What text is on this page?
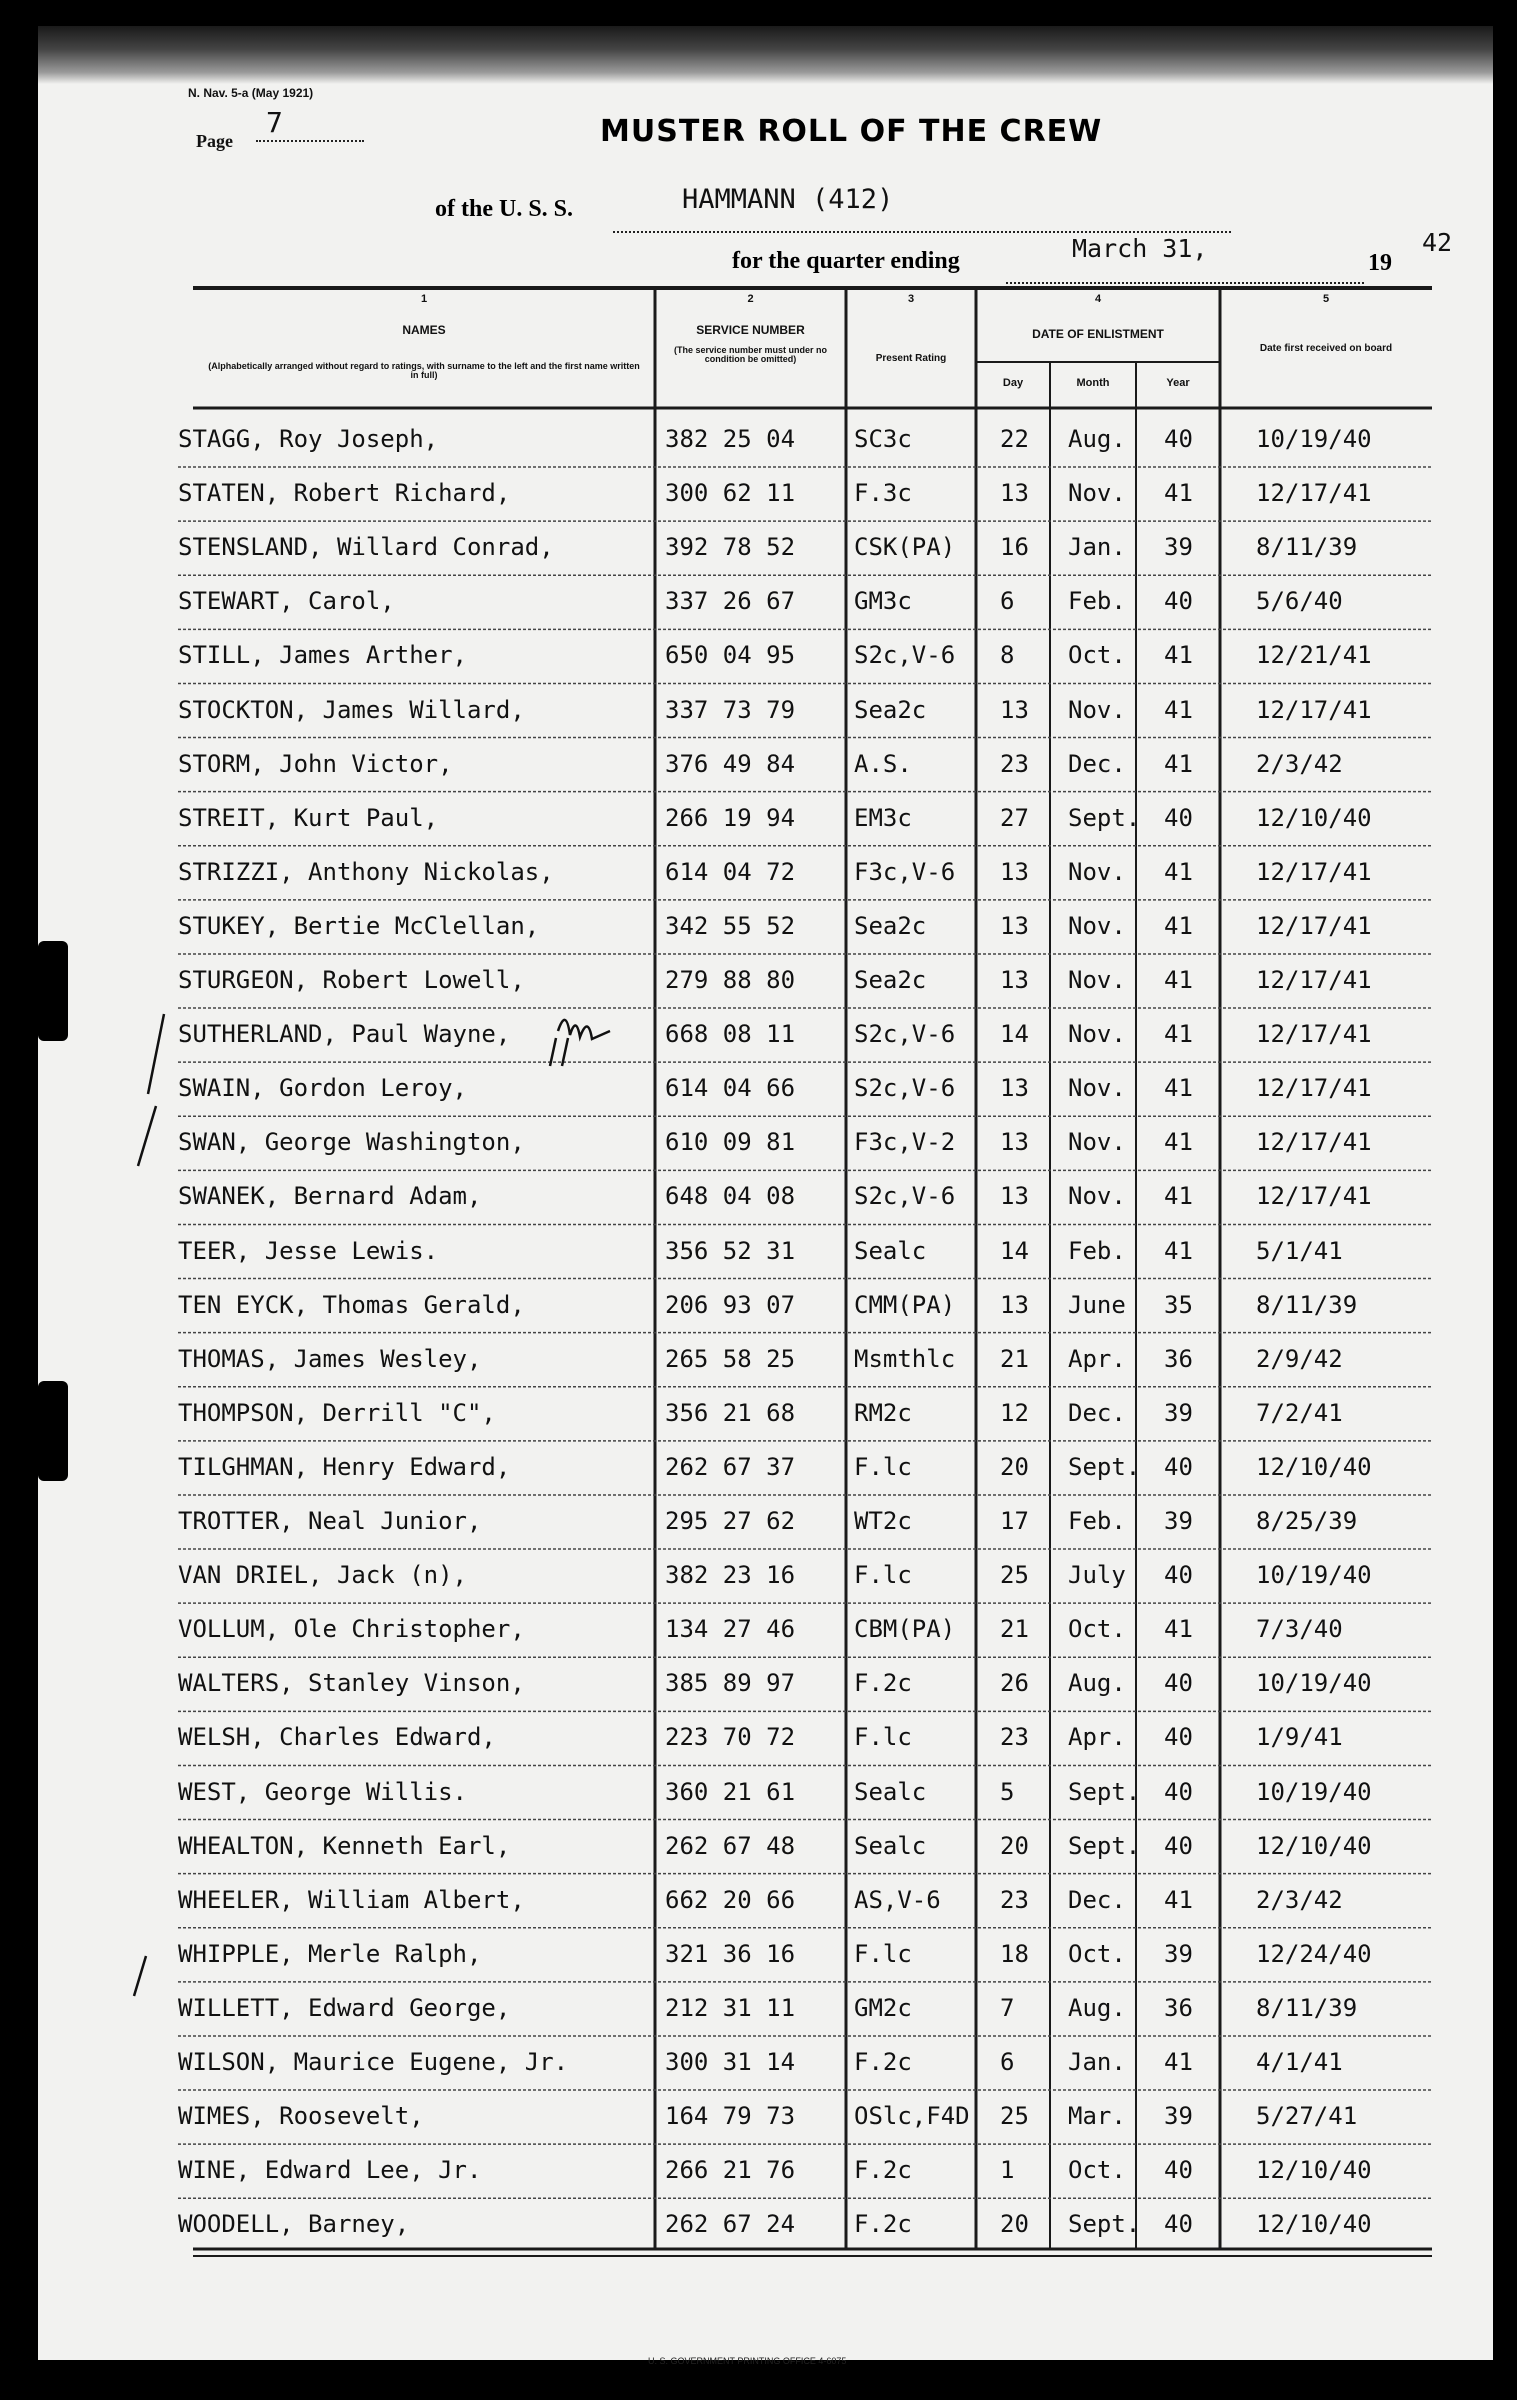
N. Nav. 5-a (May 1921)
Page
7	MUSTER ROLL OF THE CREW
of the U. S. S.	HAMMANN (412)
for the quarter ending	March 31,	19
42
1
NAMES
(Alphabetically arranged without regard to ratings, with surname to the left and the first name written in full)
2
SERVICE NUMBER
(The service number must under no condition be omitted)
3
Present Rating
4
DATE OF ENLISTMENT
Day	Month	Year
5
Date first received on board
STAGG, Roy Joseph,	382 25 04 SC3c	22 Aug. 40	10/19/40
STATEN, Robert Richard,	300 62 11 F.3c	13 Nov. 41	12/17/41
STENSLAND, Willard Conrad,	392 78 52 CSK(PA) 16 Jan. 39	8/11/39
STEWART, Carol,	337 26 67 GM3c	6 Feb. 40	5/6/40
STILL, James Arther,	650 04 95 S2c,V-6 8 Oct. 41	12/21/41
STOCKTON, James Willard,	337 73 79 Sea2c	13 Nov. 41	12/17/41
STORM, John Victor,	376 49 84 A.S.	23 Dec. 41	2/3/42
STREIT, Kurt Paul,	266 19 94 EM3c	27 Sept. 40	12/10/40
STRIZZI, Anthony Nickolas,	614 04 72 F3c,V-6 13 Nov. 41	12/17/41
STUKEY, Bertie McClellan,	342 55 52 Sea2c	13 Nov. 41	12/17/41
STURGEON, Robert Lowell,	279 88 80 Sea2c	13 Nov. 41	12/17/41
SUTHERLAND, Paul Wayne,	668 08 11 S2c,V-6 14 Nov. 41	12/17/41
SWAIN, Gordon Leroy,	614 04 66 S2c,V-6 13 Nov. 41	12/17/41
SWAN, George Washington,	610 09 81 F3c,V-2 13 Nov. 41	12/17/41
SWANEK, Bernard Adam,	648 04 08 S2c,V-6 13 Nov. 41	12/17/41
TEER, Jesse Lewis.	356 52 31 Sealc	14 Feb. 41	5/1/41
TEN EYCK, Thomas Gerald,	206 93 07 CMM(PA) 13 June 35	8/11/39
THOMAS, James Wesley,	265 58 25 Msmthlc 21 Apr. 36	2/9/42
THOMPSON, Derrill "C",	356 21 68 RM2c	12 Dec. 39	7/2/41
TILGHMAN, Henry Edward,	262 67 37 F.lc	20 Sept. 40	12/10/40
TROTTER, Neal Junior,	295 27 62 WT2c	17 Feb. 39	8/25/39
VAN DRIEL, Jack (n),	382 23 16 F.lc	25 July 40	10/19/40
VOLLUM, Ole Christopher,	134 27 46 CBM(PA) 21 Oct. 41	7/3/40
WALTERS, Stanley Vinson,	385 89 97 F.2c	26 Aug. 40	10/19/40
WELSH, Charles Edward,	223 70 72 F.lc	23 Apr. 40	1/9/41
WEST, George Willis.	360 21 61 Sealc	5 Sept. 40	10/19/40
WHEALTON, Kenneth Earl,	262 67 48 Sealc	20 Sept. 40	12/10/40
WHEELER, William Albert,	662 20 66 AS,V-6 23 Dec. 41	2/3/42
WHIPPLE, Merle Ralph,	321 36 16 F.lc	18 Oct. 39	12/24/40
WILLETT, Edward George,	212 31 11 GM2c	7 Aug. 36	8/11/39
WILSON, Maurice Eugene, Jr.	300 31 14 F.2c	6 Jan. 41	4/1/41
WIMES, Roosevelt,	164 79 73 OSlc,F4D 25 Mar. 39	5/27/41
WINE, Edward Lee, Jr.	266 21 76 F.2c	1 Oct. 40	12/10/40
WOODELL, Barney,	262 67 24 F.2c	20 Sept. 40	12/10/40
U. S. GOVERNMENT PRINTING OFFICE 4-6075
